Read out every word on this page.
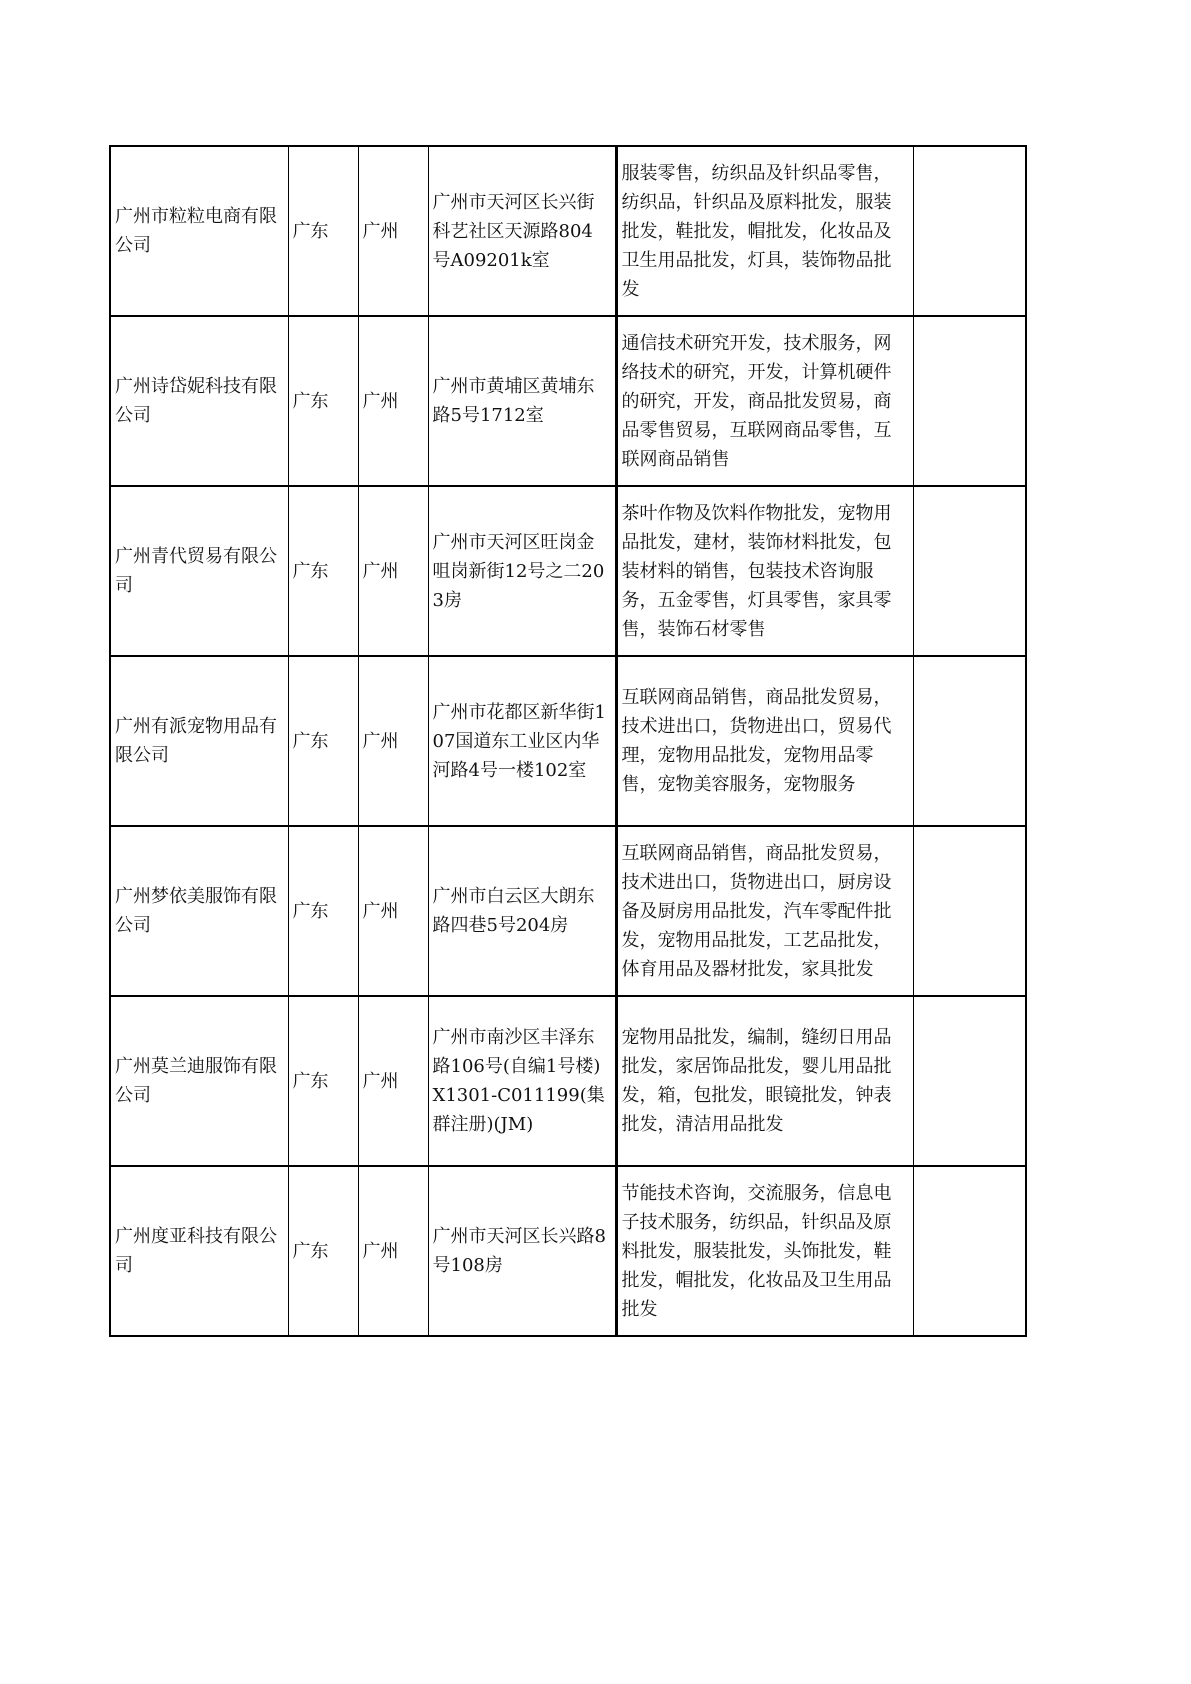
广州市粒粒电商有限公司	广东	广州	广州市天河区长兴街科艺社区天源路804号A09201k室	服装零售，纺织品及针织品零售，纺织品，针织品及原料批发，服装批发，鞋批发，帽批发，化妆品及卫生用品批发，灯具，装饰物品批发	
广州诗岱妮科技有限公司	广东	广州	广州市黄埔区黄埔东路5号1712室	通信技术研究开发，技术服务，网络技术的研究，开发，计算机硬件的研究，开发，商品批发贸易，商品零售贸易，互联网商品零售，互联网商品销售	
广州青代贸易有限公司	广东	广州	广州市天河区旺岗金咀岗新街12号之二203房	茶叶作物及饮料作物批发，宠物用品批发，建材，装饰材料批发，包装材料的销售，包装技术咨询服务，五金零售，灯具零售，家具零售，装饰石材零售	
广州有派宠物用品有限公司	广东	广州	广州市花都区新华街107国道东工业区内华河路4号一楼102室	互联网商品销售，商品批发贸易，技术进出口，货物进出口，贸易代理，宠物用品批发，宠物用品零售，宠物美容服务，宠物服务	
广州梦依美服饰有限公司	广东	广州	广州市白云区大朗东路四巷5号204房	互联网商品销售，商品批发贸易，技术进出口，货物进出口，厨房设备及厨房用品批发，汽车零配件批发，宠物用品批发，工艺品批发，体育用品及器材批发，家具批发	
广州莫兰迪服饰有限公司	广东	广州	广州市南沙区丰泽东路106号(自编1号楼)X1301-C011199(集群注册)(JM)	宠物用品批发，编制，缝纫日用品批发，家居饰品批发，婴儿用品批发，箱，包批发，眼镜批发，钟表批发，清洁用品批发	
广州度亚科技有限公司	广东	广州	广州市天河区长兴路8号108房	节能技术咨询，交流服务，信息电子技术服务，纺织品，针织品及原料批发，服装批发，头饰批发，鞋批发，帽批发，化妆品及卫生用品批发	
